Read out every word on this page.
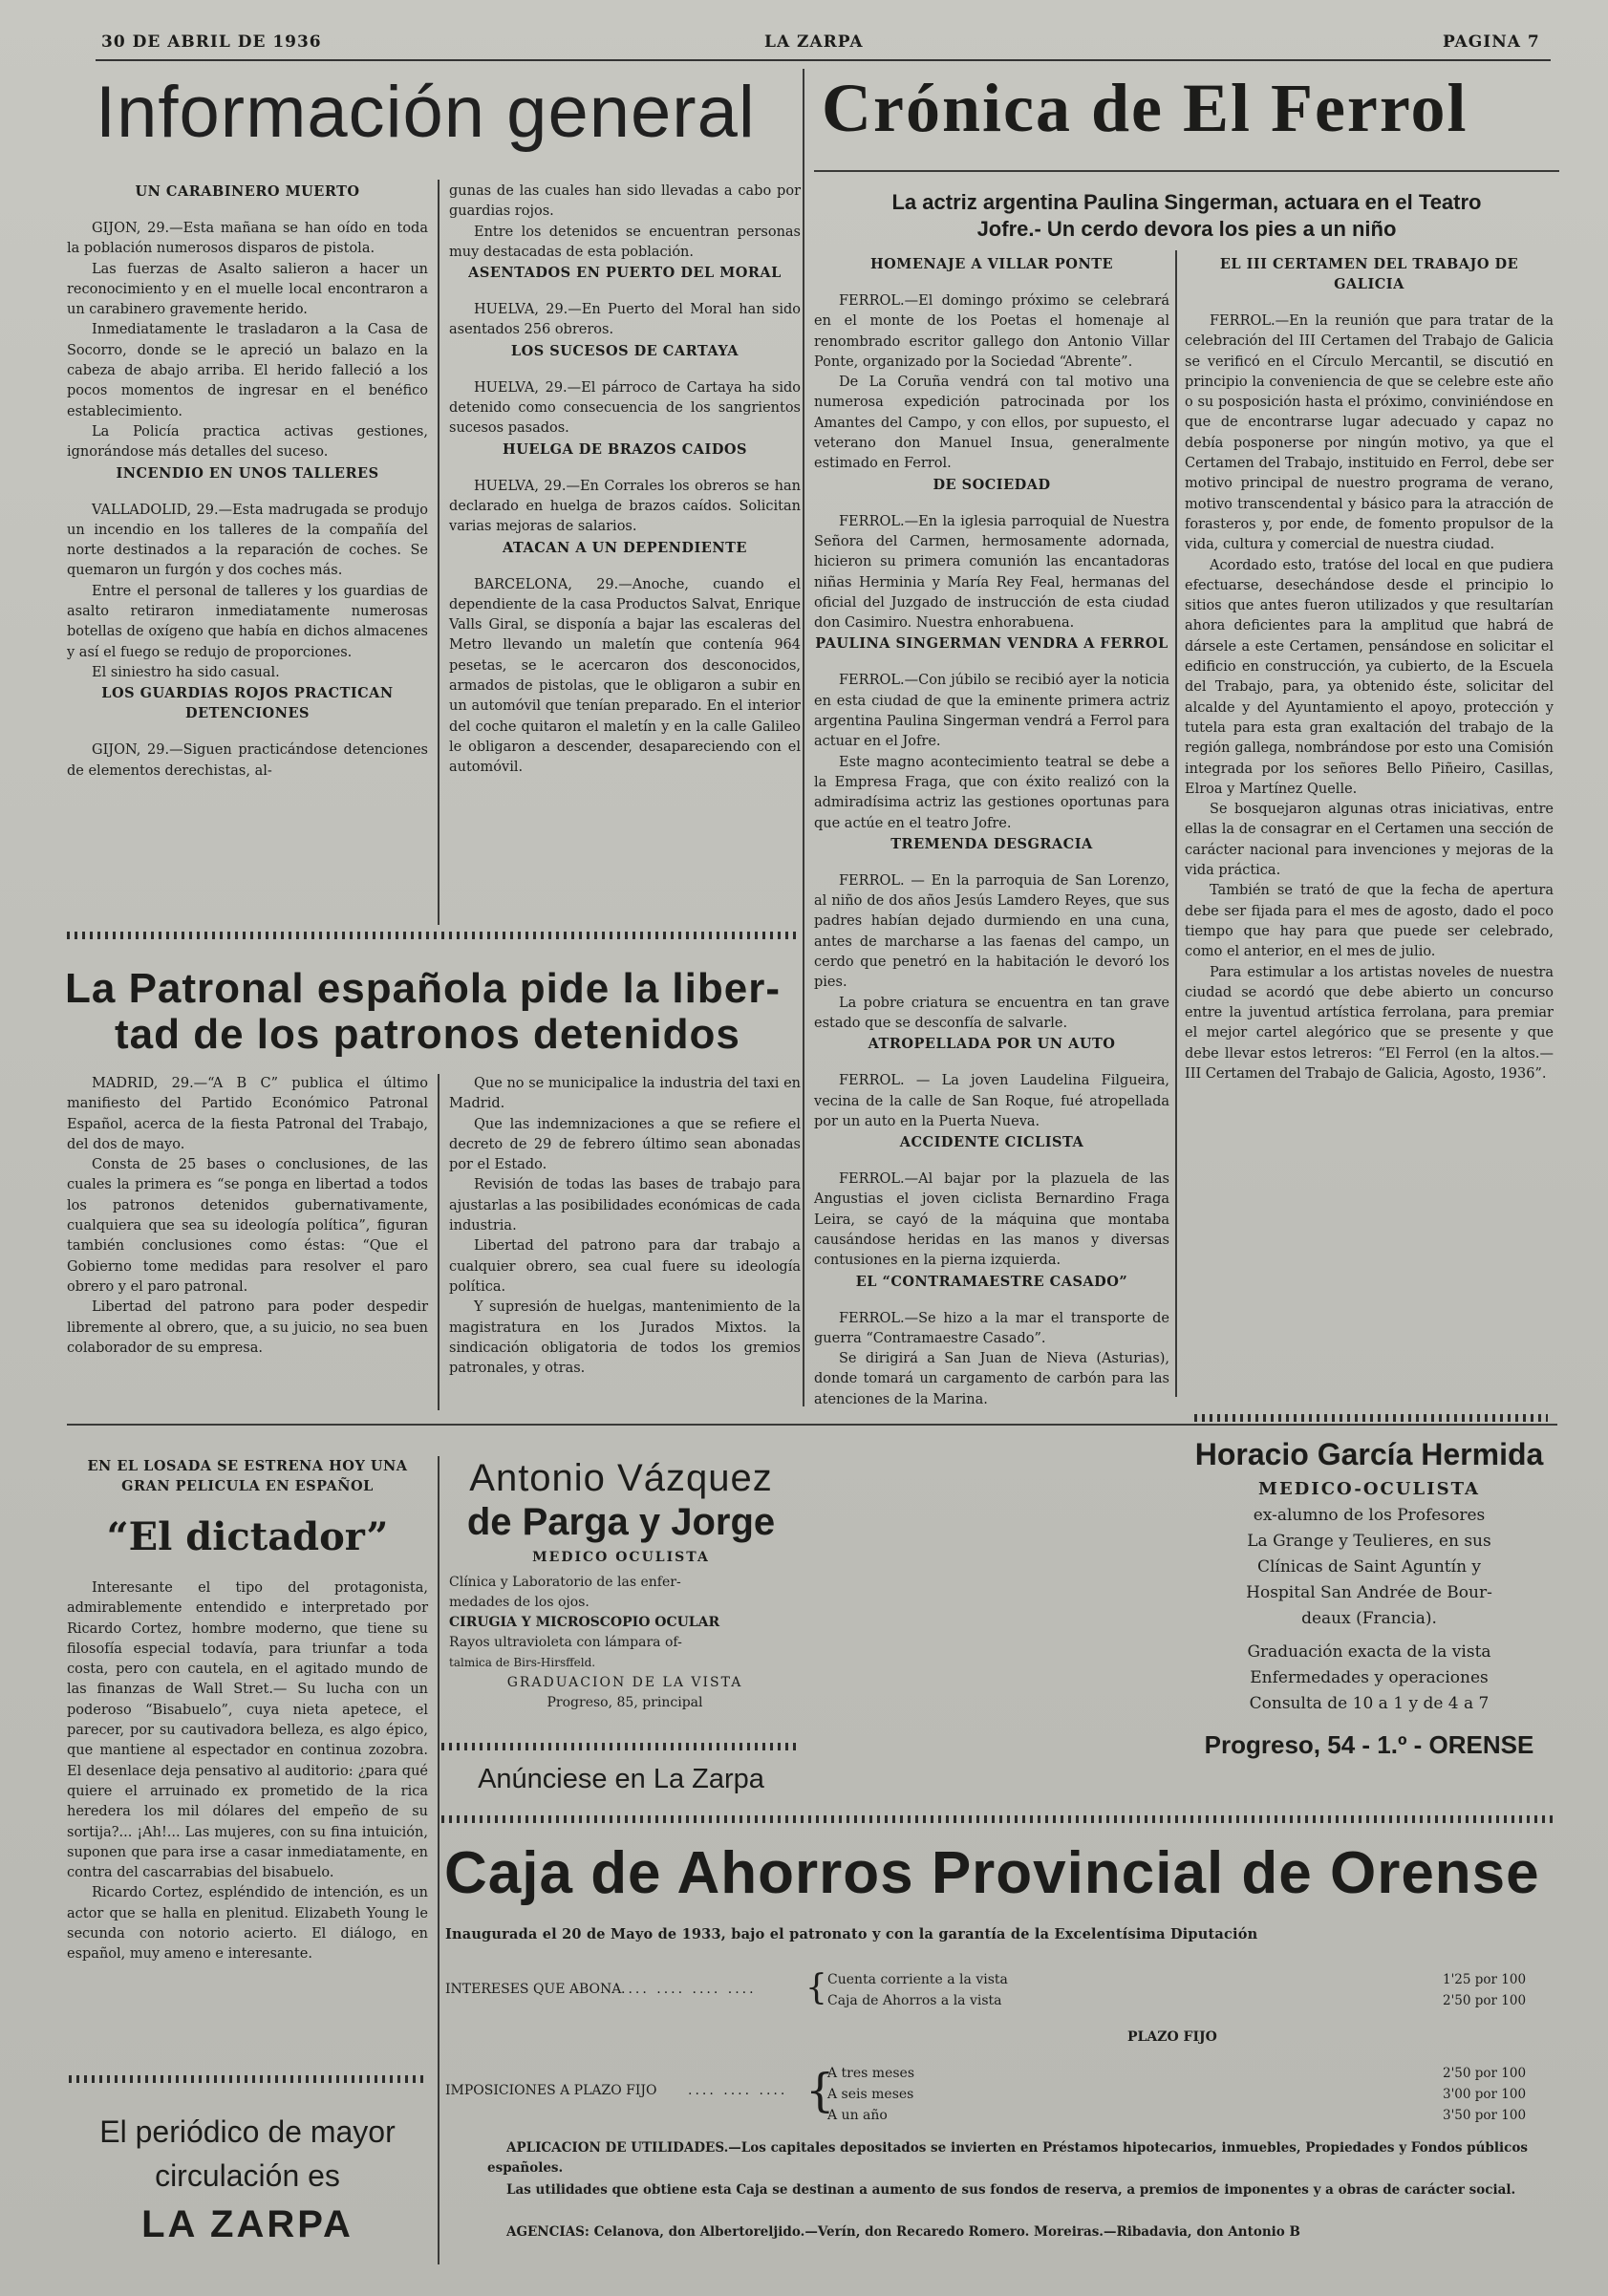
30 DE ABRIL DE 1936	LA ZARPA	PAGINA 7
Información general
UN CARABINERO MUERTO

GIJON, 29.—Esta mañana se han oído en toda la población numerosos disparos de pistola.

Las fuerzas de Asalto salieron a hacer un reconocimiento y en el muelle local encontraron a un carabinero gravemente herido.

Inmediatamente le trasladaron a la Casa de Socorro, donde se le apreció un balazo en la cabeza de abajo arriba. El herido falleció a los pocos momentos de ingresar en el benéfico establecimiento.

La Policía practica activas gestiones, ignorándose más detalles del suceso.

INCENDIO EN UNOS TALLERES

VALLADOLID, 29.—Esta madrugada se produjo un incendio en los talleres de la compañía del norte destinados a la reparación de coches. Se quemaron un furgón y dos coches más.

Entre el personal de talleres y los guardias de asalto retiraron inmediatamente numerosas botellas de oxígeno que había en dichos almacenes y así el fuego se redujo de proporciones.

El siniestro ha sido casual.

LOS GUARDIAS ROJOS PRACTICAN DETENCIONES

GIJON, 29.—Siguen practicándose detenciones de elementos derechistas, al-

gunas de las cuales han sido llevadas a cabo por guardias rojos.

Entre los detenidos se encuentran personas muy destacadas de esta población.

ASENTADOS EN PUERTO DEL MORAL

HUELVA, 29.—En Puerto del Moral han sido asentados 256 obreros.

LOS SUCESOS DE CARTAYA

HUELVA, 29.—El párroco de Cartaya ha sido detenido como consecuencia de los sangrientos sucesos pasados.

HUELGA DE BRAZOS CAIDOS

HUELVA, 29.—En Corrales los obreros se han declarado en huelga de brazos caídos. Solicitan varias mejoras de salarios.

ATACAN A UN DEPENDIENTE

BARCELONA, 29.—Anoche, cuando el dependiente de la casa Productos Salvat, Enrique Valls Giral, se disponía a bajar las escaleras del Metro llevando un maletín que contenía 964 pesetas, se le acercaron dos desconocidos, armados de pistolas, que le obligaron a subir en un automóvil que tenían preparado. En el interior del coche quitaron el maletín y en la calle Galileo le obligaron a descender, desapareciendo con el automóvil.

La Patronal española pide la liber-
tad de los patronos detenidos

MADRID, 29.—“A B C” publica el último manifiesto del Partido Económico Patronal Español, acerca de la fiesta Patronal del Trabajo, del dos de mayo.

Consta de 25 bases o conclusiones, de las cuales la primera es “se ponga en libertad a todos los patronos detenidos gubernativamente, cualquiera que sea su ideología política”, figuran también conclusiones como éstas: “Que el Gobierno tome medidas para resolver el paro obrero y el paro patronal.

Libertad del patrono para poder despedir libremente al obrero, que, a su juicio, no sea buen colaborador de su empresa.

Que no se municipalice la industria del taxi en Madrid.

Que las indemnizaciones a que se refiere el decreto de 29 de febrero último sean abonadas por el Estado.

Revisión de todas las bases de trabajo para ajustarlas a las posibilidades económicas de cada industria.

Libertad del patrono para dar trabajo a cualquier obrero, sea cual fuere su ideología política.

Y supresión de huelgas, mantenimiento de la magistratura en los Jurados Mixtos. la sindicación obligatoria de todos los gremios patronales, y otras.

EN EL LOSADA SE ESTRENA HOY UNA GRAN PELICULA EN ESPAÑOL
“El dictador”

Interesante el tipo del protagonista, admirablemente entendido e interpretado por Ricardo Cortez, hombre moderno, que tiene su filosofía especial todavía, para triunfar a toda costa, pero con cautela, en el agitado mundo de las finanzas de Wall Stret.— Su lucha con un poderoso “Bisabuelo”, cuya nieta apetece, el parecer, por su cautivadora belleza, es algo épico, que mantiene al espectador en continua zozobra. El desenlace deja pensativo al auditorio: ¿para qué quiere el arruinado ex prometido de la rica heredera los mil dólares del empeño de su sortija?... ¡Ah!... Las mujeres, con su fina intuición, suponen que para irse a casar inmediatamente, en contra del cascarrabias del bisabuelo.

Ricardo Cortez, espléndido de intención, es un actor que se halla en plenitud. Elizabeth Young le secunda con notorio acierto. El diálogo, en español, muy ameno e interesante.

El periódico de mayor
circulación es
LA ZARPA
Antonio Vázquez
de Parga y Jorge
MEDICO OCULISTA
Clínica y Laboratorio de las enfer-
medades de los ojos.
CIRUGIA Y MICROSCOPIO OCULAR
Rayos ultravioleta con lámpara of-
talmica de Birs-Hirsffeld.
GRADUACION DE LA VISTA
Progreso, 85, principal
Anúnciese en La Zarpa
Crónica de El Ferrol
La actriz argentina Paulina Singerman, actuara en el Teatro
Jofre.- Un cerdo devora los pies a un niño
HOMENAJE A VILLAR PONTE

FERROL.—El domingo próximo se celebrará en el monte de los Poetas el homenaje al renombrado escritor gallego don Antonio Villar Ponte, organizado por la Sociedad “Abrente”.

De La Coruña vendrá con tal motivo una numerosa expedición patrocinada por los Amantes del Campo, y con ellos, por supuesto, el veterano don Manuel Insua, generalmente estimado en Ferrol.

DE SOCIEDAD

FERROL.—En la iglesia parroquial de Nuestra Señora del Carmen, hermosamente adornada, hicieron su primera comunión las encantadoras niñas Herminia y María Rey Feal, hermanas del oficial del Juzgado de instrucción de esta ciudad don Casimiro. Nuestra enhorabuena.

PAULINA SINGERMAN VENDRA A FERROL

FERROL.—Con júbilo se recibió ayer la noticia en esta ciudad de que la eminente primera actriz argentina Paulina Singerman vendrá a Ferrol para actuar en el Jofre.

Este magno acontecimiento teatral se debe a la Empresa Fraga, que con éxito realizó con la admiradísima actriz las gestiones oportunas para que actúe en el teatro Jofre.

TREMENDA DESGRACIA

FERROL. — En la parroquia de San Lorenzo, al niño de dos años Jesús Lamdero Reyes, que sus padres habían dejado durmiendo en una cuna, antes de marcharse a las faenas del campo, un cerdo que penetró en la habitación le devoró los pies.

La pobre criatura se encuentra en tan grave estado que se desconfía de salvarle.

ATROPELLADA POR UN AUTO

FERROL. — La joven Laudelina Filgueira, vecina de la calle de San Roque, fué atropellada por un auto en la Puerta Nueva.

ACCIDENTE CICLISTA

FERROL.—Al bajar por la plazuela de las Angustias el joven ciclista Bernardino Fraga Leira, se cayó de la máquina que montaba causándose heridas en las manos y diversas contusiones en la pierna izquierda.

EL “CONTRAMAESTRE CASADO”

FERROL.—Se hizo a la mar el transporte de guerra “Contramaestre Casado”.

Se dirigirá a San Juan de Nieva (Asturias), donde tomará un cargamento de carbón para las atenciones de la Marina.

EL III CERTAMEN DEL TRABAJO DE GALICIA

FERROL.—En la reunión que para tratar de la celebración del III Certamen del Trabajo de Galicia se verificó en el Círculo Mercantil, se discutió en principio la conveniencia de que se celebre este año o su posposición hasta el próximo, conviniéndose en que de encontrarse lugar adecuado y capaz no debía posponerse por ningún motivo, ya que el Certamen del Trabajo, instituido en Ferrol, debe ser motivo principal de nuestro programa de verano, motivo transcendental y básico para la atracción de forasteros y, por ende, de fomento propulsor de la vida, cultura y comercial de nuestra ciudad.

Acordado esto, tratóse del local en que pudiera efectuarse, desechándose desde el principio lo sitios que antes fueron utilizados y que resultarían ahora deficientes para la amplitud que habrá de dársele a este Certamen, pensándose en solicitar el edificio en construcción, ya cubierto, de la Escuela del Trabajo, para, ya obtenido éste, solicitar del alcalde y del Ayuntamiento el apoyo, protección y tutela para esta gran exaltación del trabajo de la región gallega, nombrándose por esto una Comisión integrada por los señores Bello Piñeiro, Casillas, Elroa y Martínez Quelle.

Se bosquejaron algunas otras iniciativas, entre ellas la de consagrar en el Certamen una sección de carácter nacional para invenciones y mejoras de la vida práctica.

También se trató de que la fecha de apertura debe ser fijada para el mes de agosto, dado el poco tiempo que hay para que puede ser celebrado, como el anterior, en el mes de julio.

Para estimular a los artistas noveles de nuestra ciudad se acordó que debe abierto un concurso entre la juventud artística ferrolana, para premiar el mejor cartel alegórico que se presente y que debe llevar estos letreros: “El Ferrol (en la altos.—III Certamen del Trabajo de Galicia, Agosto, 1936”.

Horacio García Hermida
MEDICO-OCULISTA
ex-alumno de los Profesores
La Grange y Teulieres, en sus
Clínicas de Saint Aguntín y
Hospital San Andrée de Bour-
deaux (Francia).
Graduación exacta de la vista
Enfermedades y operaciones
Consulta de 10 a 1 y de 4 a 7
Progreso, 54 - 1.º - ORENSE
Caja de Ahorros Provincial de Orense
Inaugurada el 20 de Mayo de 1933, bajo el patronato y con la garantía de la Excelentísima Diputación
INTERESES QUE ABONA .... .... .... .... { Cuenta corriente a la vista
Caja de Ahorros a la vista
1'25 por 100
2'50 por 100
PLAZO FIJO
IMPOSICIONES A PLAZO FIJO .... .... .... {
A tres meses
A seis meses
A un año
2'50 por 100
3'00 por 100
3'50 por 100
APLICACION DE UTILIDADES.—Los capitales depositados se invierten en Préstamos hipotecarios, inmuebles, Propiedades y Fondos públicos españoles.
Las utilidades que obtiene esta Caja se destinan a aumento de sus fondos de reserva, a premios de imponentes y a obras de carácter social.
AGENCIAS: Celanova, don Albertoreljido.—Verín, don Recaredo Romero. Moreiras.—Ribadavia, don Antonio B
